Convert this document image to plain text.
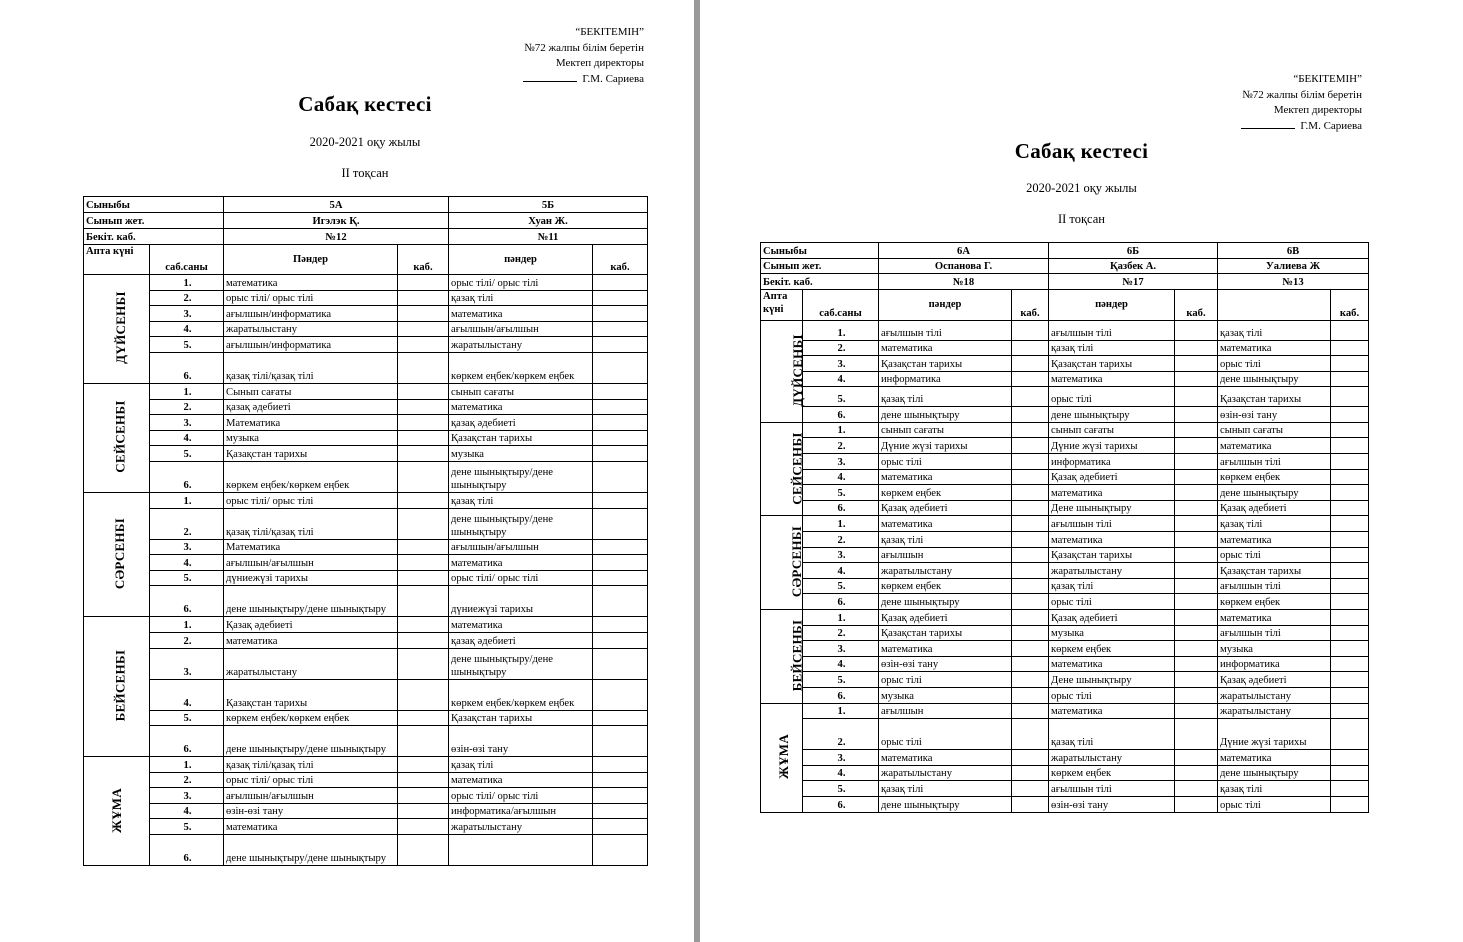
“БЕКІТЕМІН”
№72 жалпы білім беретін
Мектеп директоры
Г.М. Сариева
Сабақ кестесі
2020-2021 оқу жылы
ІІ тоқсан
Сыныбы		5А		5Б	
Сынып жет.		Игэлэк Қ.		Хуан Ж.	
Бекіт. каб.		№12		№11	
Апта күні	саб.саны	Пәндер	каб.	пәндер	каб.
ДҮЙСЕНБІ	1.	математика		орыс тілі/ орыс тілі	
	2.	орыс тілі/ орыс тілі		қазақ тілі	
	3.	ағылшын/информатика		математика	
	4.	жаратылыстану		ағылшын/ағылшын	
	5.	ағылшын/информатика		жаратылыстану	
	6.	қазақ тілі/қазақ тілі		көркем еңбек/көркем еңбек	
СЕЙСЕНБІ	1.	Сынып сағаты		сынып сағаты	
	2.	қазақ әдебиеті		математика	
	3.	Математика		қазақ әдебиеті	
	4.	музыка		Қазақстан тарихы	
	5.	Қазақстан тарихы		музыка	
	6.	көркем еңбек/көркем еңбек		дене шынықтыру/дене шынықтыру	
СӘРСЕНБІ	1.	орыс тілі/ орыс тілі		қазақ тілі	
	2.	қазақ тілі/қазақ тілі		дене шынықтыру/дене шынықтыру	
	3.	Математика		ағылшын/ағылшын	
	4.	ағылшын/ағылшын		математика	
	5.	дүниежүзі тарихы		орыс тілі/ орыс тілі	
	6.	дене шынықтыру/дене шынықтыру		дүниежүзі тарихы	
БЕЙСЕНБІ	1.	Қазақ әдебиеті		математика	
	2.	математика		қазақ әдебиеті	
	3.	жаратылыстану		дене шынықтыру/дене шынықтыру	
	4.	Қазақстан тарихы		көркем еңбек/көркем еңбек	
	5.	көркем еңбек/көркем еңбек		Қазақстан тарихы	
	6.	дене шынықтыру/дене шынықтыру		өзін-өзі тану	
ЖҰМА	1.	қазақ тілі/қазақ тілі		қазақ тілі	
	2.	орыс тілі/ орыс тілі		математика	
	3.	ағылшын/ағылшын		орыс тілі/ орыс тілі	
	4.	өзін-өзі тану		информатика/ағылшын	
	5.	математика		жаратылыстану	
	6.	дене шынықтыру/дене шынықтыру			
“БЕКІТЕМІН”
№72 жалпы білім беретін
Мектеп директоры
Г.М. Сариева
Сабақ кестесі
2020-2021 оқу жылы
ІІ тоқсан
Сыныбы		6А		6Б		6В	
Сынып жет.		Оспанова Г.		Қазбек А.		Уалиева Ж	
Бекіт. каб.		№18		№17		№13	
Апта күні	саб.саны	пәндер	каб.	пәндер	каб.		каб.
ДҮЙСЕНБІ	1.	ағылшын тілі		ағылшын тілі		қазақ тілі	
	2.	математика		қазақ тілі		математика	
	3.	Қазақстан тарихы		Қазақстан тарихы		орыс тілі	
	4.	информатика		математика		дене шынықтыру	
	5.	қазақ тілі		орыс тілі		Қазақстан тарихы	
	6.	дене шынықтыру		дене шынықтыру		өзін-өзі тану	
СЕЙСЕНБІ	1.	сынып сағаты		сынып сағаты		сынып сағаты	
	2.	Дүние жүзі тарихы		Дүние жүзі тарихы		математика	
	3.	орыс тілі		информатика		ағылшын тілі	
	4.	математика		Қазақ әдебиеті		көркем еңбек	
	5.	көркем еңбек		математика		дене шынықтыру	
	6.	Қазақ әдебиеті		Дене шынықтыру		Қазақ әдебиеті	
СӘРСЕНБІ	1.	математика		ағылшын тілі		қазақ тілі	
	2.	қазақ тілі		математика		математика	
	3.	ағылшын		Қазақстан тарихы		орыс тілі	
	4.	жаратылыстану		жаратылыстану		Қазақстан тарихы	
	5.	көркем еңбек		қазақ тілі		ағылшын тілі	
	6.	дене шынықтыру		орыс тілі		көркем еңбек	
БЕЙСЕНБІ	1.	Қазақ әдебиеті		Қазақ әдебиеті		математика	
	2.	Қазақстан тарихы		музыка		ағылшын тілі	
	3.	математика		көркем еңбек		музыка	
	4.	өзін-өзі тану		математика		информатика	
	5.	орыс тілі		Дене шынықтыру		Қазақ әдебиеті	
	6.	музыка		орыс тілі		жаратылыстану	
ЖҰМА	1.	ағылшын		математика		жаратылыстану	
	2.	орыс тілі		қазақ тілі		Дүние жүзі тарихы	
	3.	математика		жаратылыстану		математика	
	4.	жаратылыстану		көркем еңбек		дене шынықтыру	
	5.	қазақ тілі		ағылшын тілі		қазақ тілі	
	6.	дене шынықтыру		өзін-өзі тану		орыс тілі	
